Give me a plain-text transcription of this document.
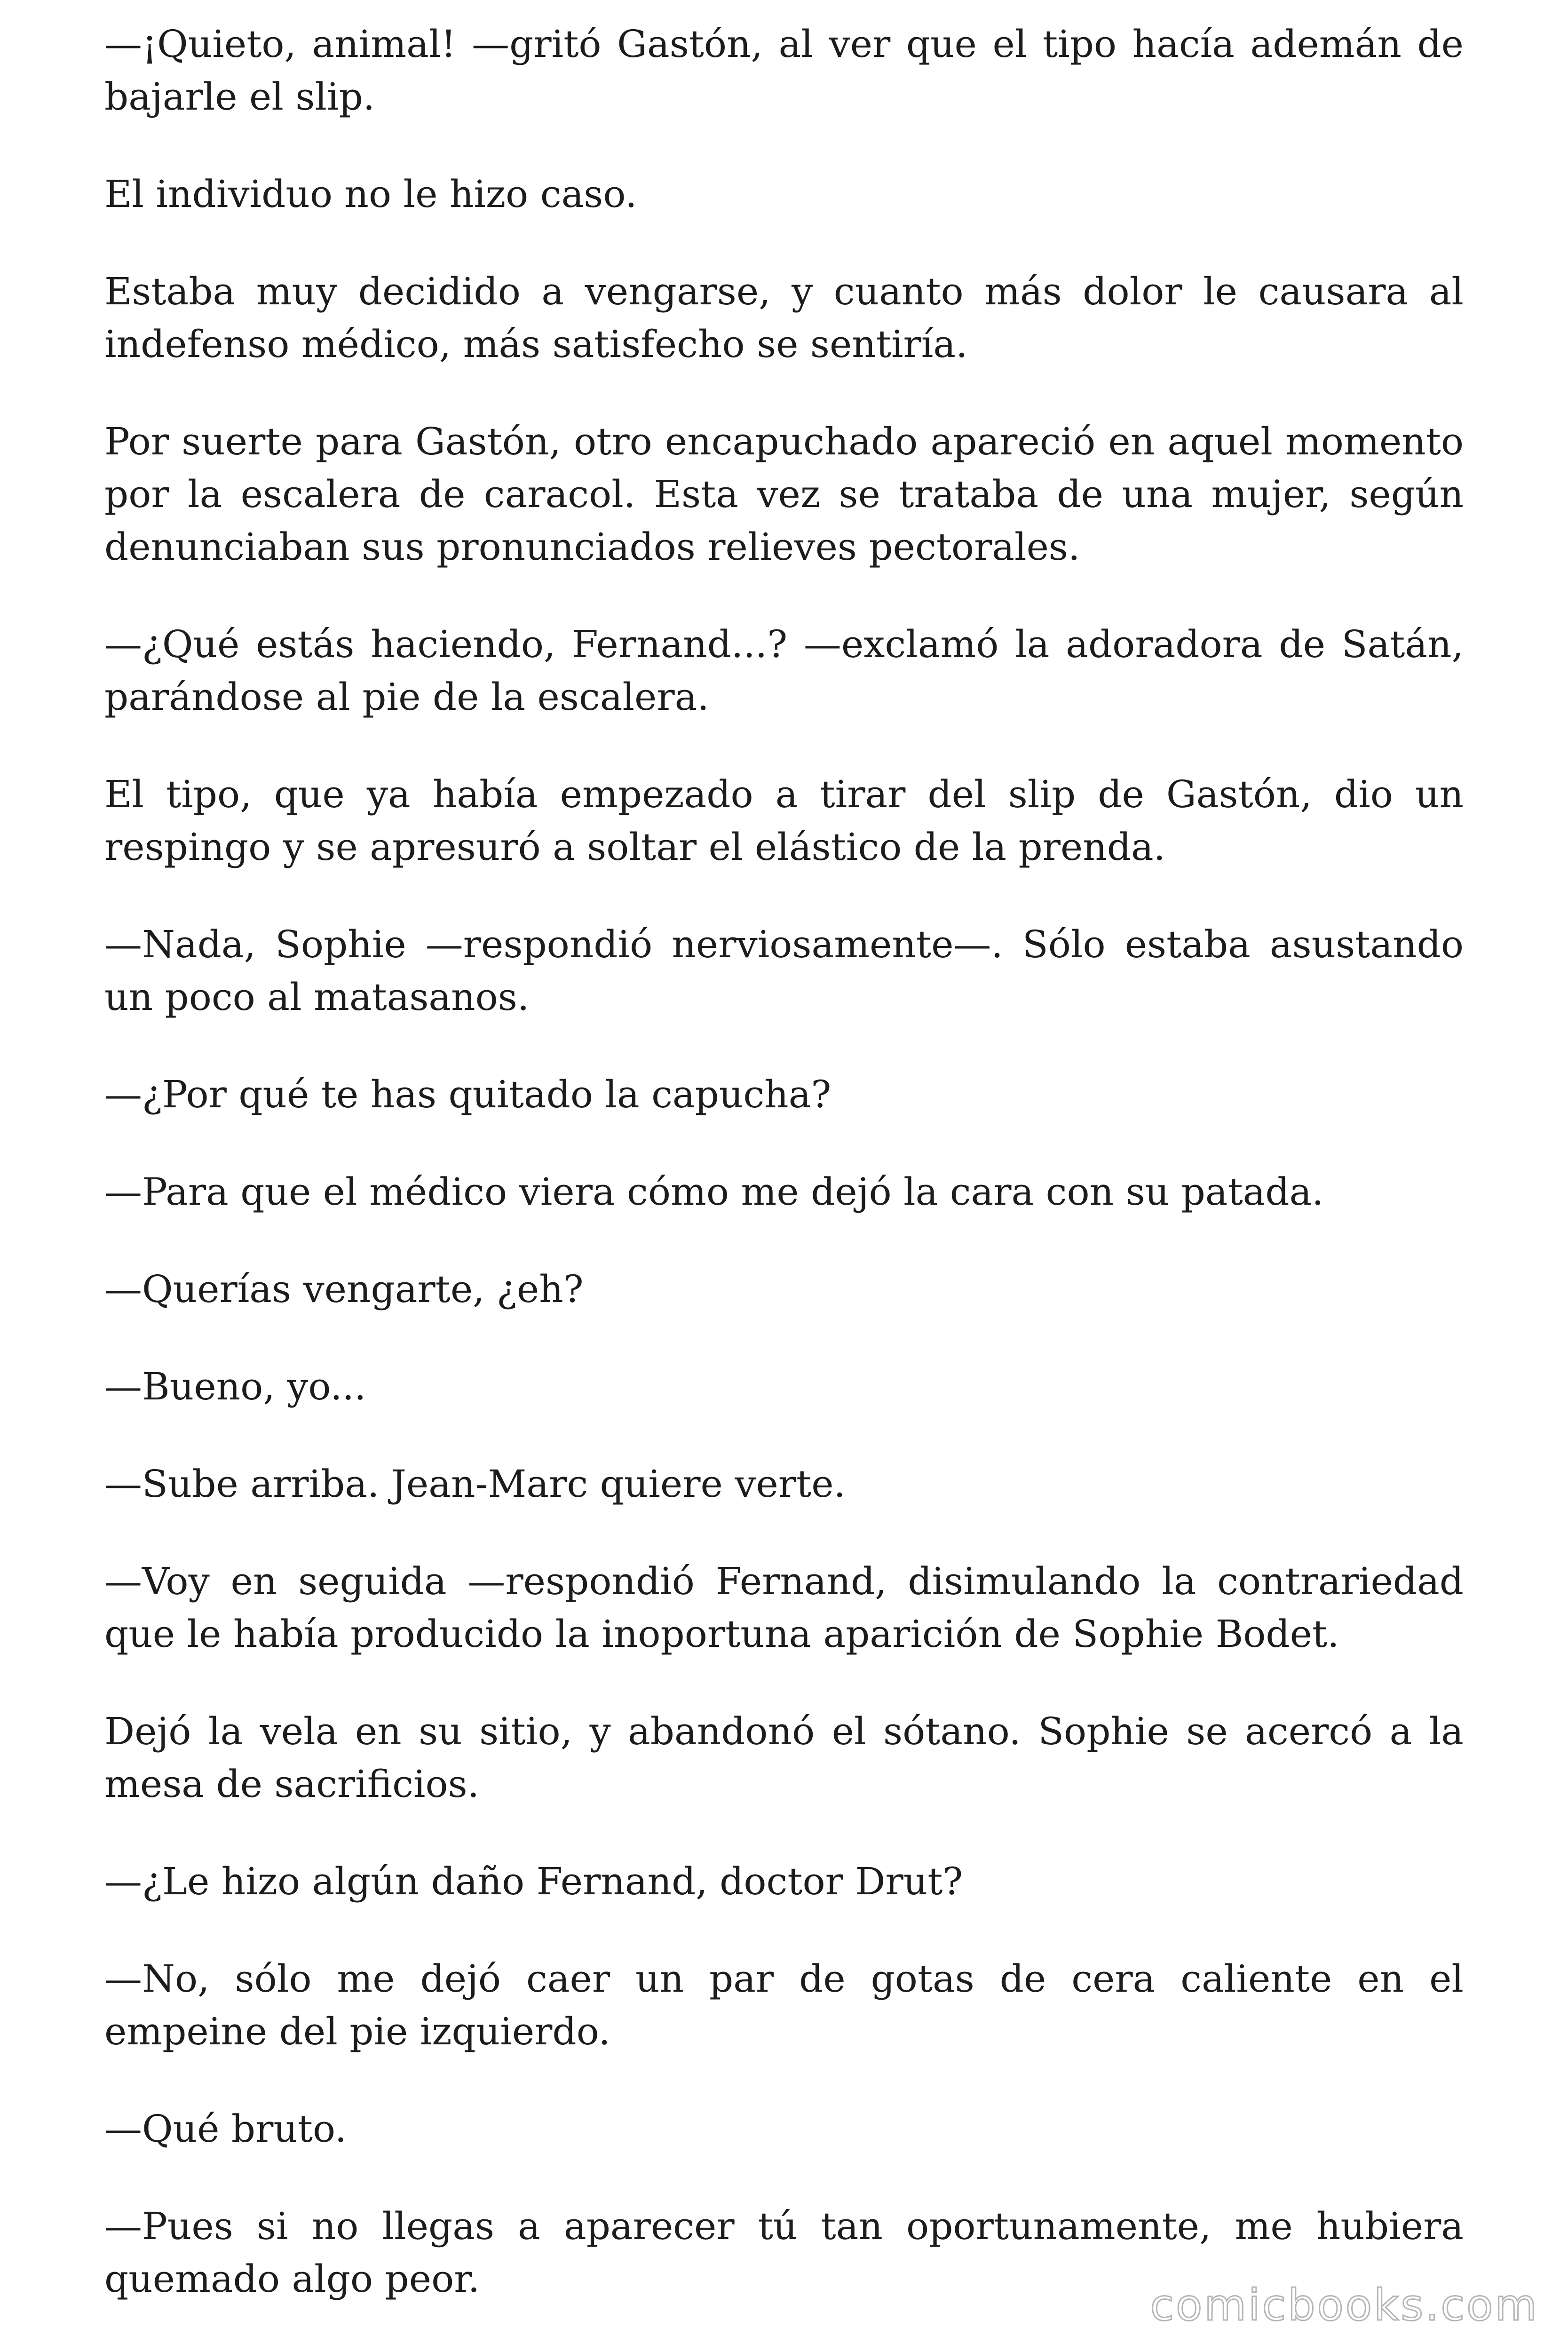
—¡Quieto, animal! —gritó Gastón, al ver que el tipo hacía ademán de bajarle el slip.

El individuo no le hizo caso.

Estaba muy decidido a vengarse, y cuanto más dolor le causara al indefenso médico, más satisfecho se sentiría.

Por suerte para Gastón, otro encapuchado apareció en aquel momento por la escalera de caracol. Esta vez se trataba de una mujer, según denunciaban sus pronunciados relieves pectorales.

—¿Qué estás haciendo, Fernand...? —exclamó la adoradora de Satán, parándose al pie de la escalera.

El tipo, que ya había empezado a tirar del slip de Gastón, dio un respingo y se apresuró a soltar el elástico de la prenda.

—Nada, Sophie —respondió nerviosamente—. Sólo estaba asustando un poco al matasanos.

—¿Por qué te has quitado la capucha?

—Para que el médico viera cómo me dejó la cara con su patada.

—Querías vengarte, ¿eh?

—Bueno, yo...

—Sube arriba. Jean-Marc quiere verte.

—Voy en seguida —respondió Fernand, disimulando la contrariedad que le había producido la inoportuna aparición de Sophie Bodet.

Dejó la vela en su sitio, y abandonó el sótano. Sophie se acercó a la mesa de sacrificios.

—¿Le hizo algún daño Fernand, doctor Drut?

—No, sólo me dejó caer un par de gotas de cera caliente en el empeine del pie izquierdo.

—Qué bruto.

—Pues si no llegas a aparecer tú tan oportunamente, me hubiera quemado algo peor.

comicbooks.com
